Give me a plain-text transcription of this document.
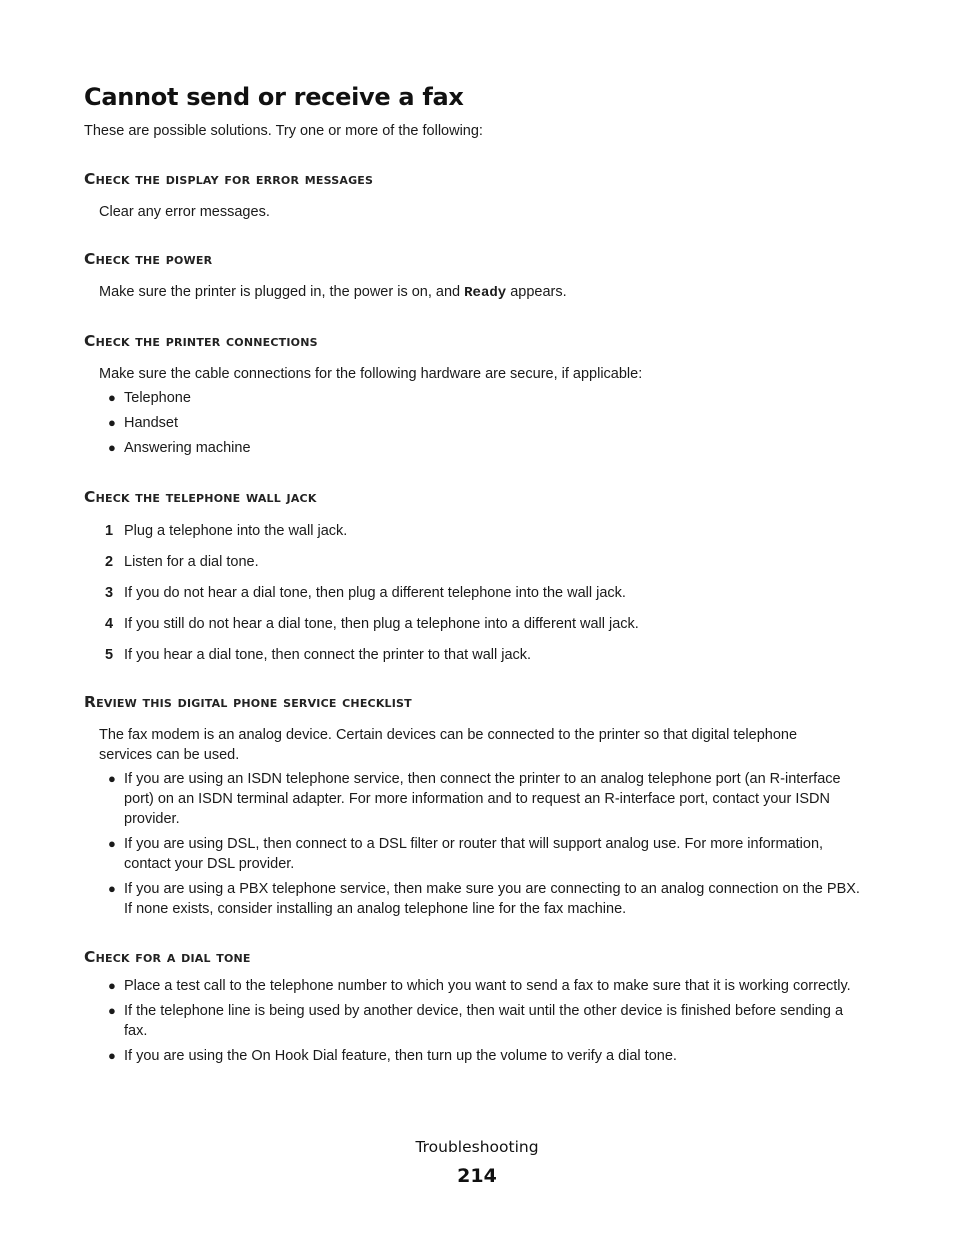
Cannot send or receive a fax

These are possible solutions. Try one or more of the following:

Check the display for error messages

Clear any error messages.

Check the power

Make sure the printer is plugged in, the power is on, and Ready appears.

Check the printer connections

Make sure the cable connections for the following hardware are secure, if applicable:

● Telephone
● Handset
● Answering machine
Check the telephone wall jack
1 Plug a telephone into the wall jack.
2 Listen for a dial tone.
3 If you do not hear a dial tone, then plug a different telephone into the wall jack.
4 If you still do not hear a dial tone, then plug a telephone into a different wall jack.
5 If you hear a dial tone, then connect the printer to that wall jack.
Review this digital phone service checklist

The fax modem is an analog device. Certain devices can be connected to the printer so that digital telephone services can be used.

● If you are using an ISDN telephone service, then connect the printer to an analog telephone port (an R-interface port) on an ISDN terminal adapter. For more information and to request an R-interface port, contact your ISDN provider.
● If you are using DSL, then connect to a DSL filter or router that will support analog use. For more information, contact your DSL provider.
● If you are using a PBX telephone service, then make sure you are connecting to an analog connection on the PBX. If none exists, consider installing an analog telephone line for the fax machine.
Check for a dial tone
● Place a test call to the telephone number to which you want to send a fax to make sure that it is working correctly.
● If the telephone line is being used by another device, then wait until the other device is finished before sending a fax.
● If you are using the On Hook Dial feature, then turn up the volume to verify a dial tone.
Troubleshooting
214
